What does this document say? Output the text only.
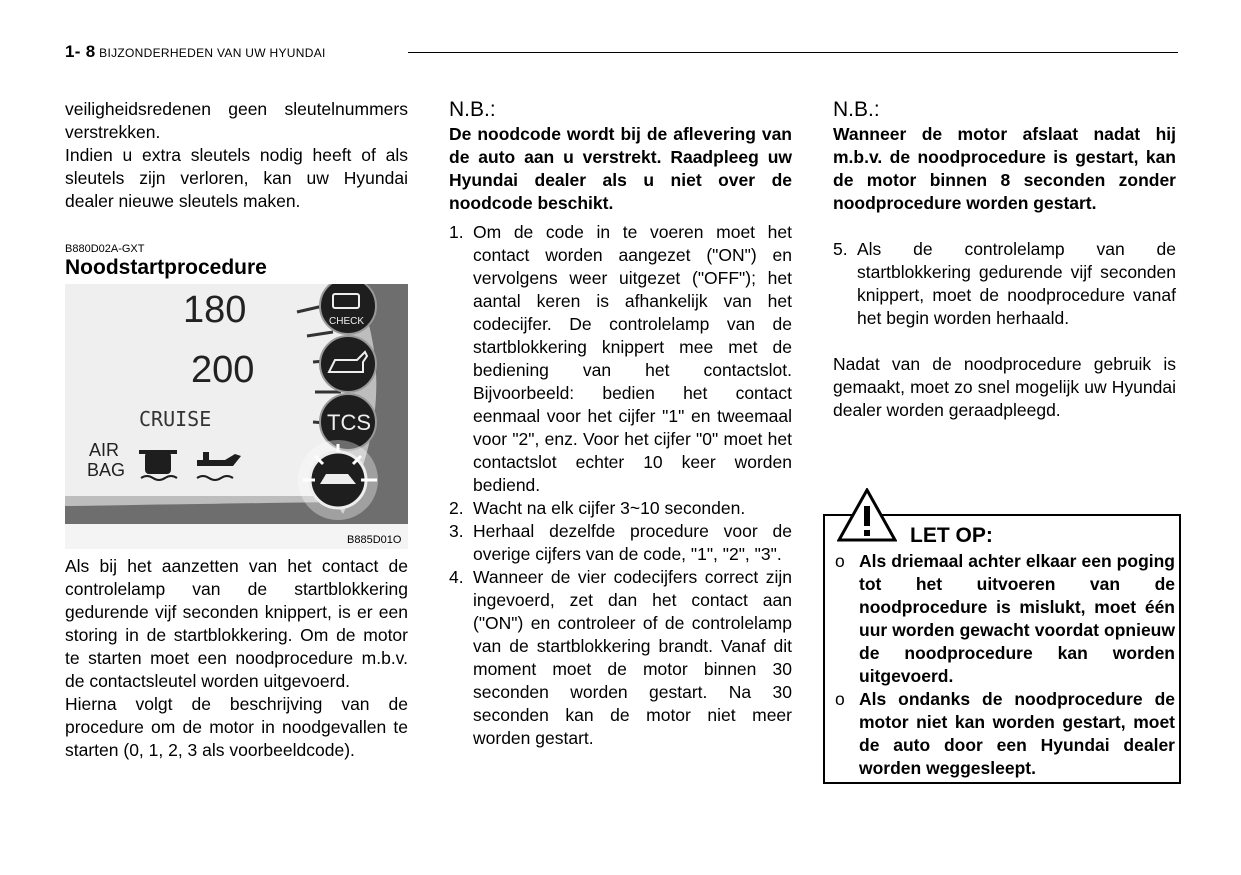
1- 8 BIJZONDERHEDEN VAN UW HYUNDAI

veiligheidsredenen geen sleutelnummers verstrekken.

Indien u extra sleutels nodig heeft of als sleutels zijn verloren, kan uw Hyundai dealer nieuwe sleutels maken.

B880D02A-GXT
Noodstartprocedure
180
200
CRUISE
AIR
BAG
CHECK
TCS
B885D01O

Als bij het aanzetten van het contact de controlelamp van de startblokkering gedurende vijf seconden knippert, is er een storing in de startblokkering. Om de motor te starten moet een noodprocedure m.b.v. de contactsleutel worden uitgevoerd.

Hierna volgt de beschrijving van de procedure om de motor in noodgevallen te starten (0, 1, 2, 3 als voorbeeldcode).

N.B.:

De noodcode wordt bij de aflevering van de auto aan u verstrekt. Raadpleeg uw Hyundai dealer als u niet over de noodcode beschikt.

1. Om de code in te voeren moet het contact worden aangezet ("ON") en vervolgens weer uitgezet ("OFF"); het aantal keren is afhankelijk van het codecijfer. De controlelamp van de startblokkering knippert mee met de bediening van het contactslot. Bijvoorbeeld: bedien het contact eenmaal voor het cijfer "1" en tweemaal voor "2", enz. Voor het cijfer "0" moet het contactslot echter 10 keer worden bediend.
2. Wacht na elk cijfer 3~10 seconden.
3. Herhaal dezelfde procedure voor de overige cijfers van de code, "1", "2", "3".
4. Wanneer de vier codecijfers correct zijn ingevoerd, zet dan het contact aan ("ON") en controleer of de controlelamp van de startblokkering brandt. Vanaf dit moment moet de motor binnen 30 seconden worden gestart. Na 30 seconden kan de motor niet meer worden gestart.
N.B.:

Wanneer de motor afslaat nadat hij m.b.v. de noodprocedure is gestart, kan de motor binnen 8 seconden zonder noodprocedure worden gestart.

5. Als de controlelamp van de startblokkering gedurende vijf seconden knippert, moet de noodprocedure vanaf het begin worden herhaald.

Nadat van de noodprocedure gebruik is gemaakt, moet zo snel mogelijk uw Hyundai dealer worden geraadpleegd.

LET OP:
o Als driemaal achter elkaar een poging tot het uitvoeren van de noodprocedure is mislukt, moet één uur worden gewacht voordat opnieuw de noodprocedure kan worden uitgevoerd.
o Als ondanks de noodprocedure de motor niet kan worden gestart, moet de auto door een Hyundai dealer worden weggesleept.
